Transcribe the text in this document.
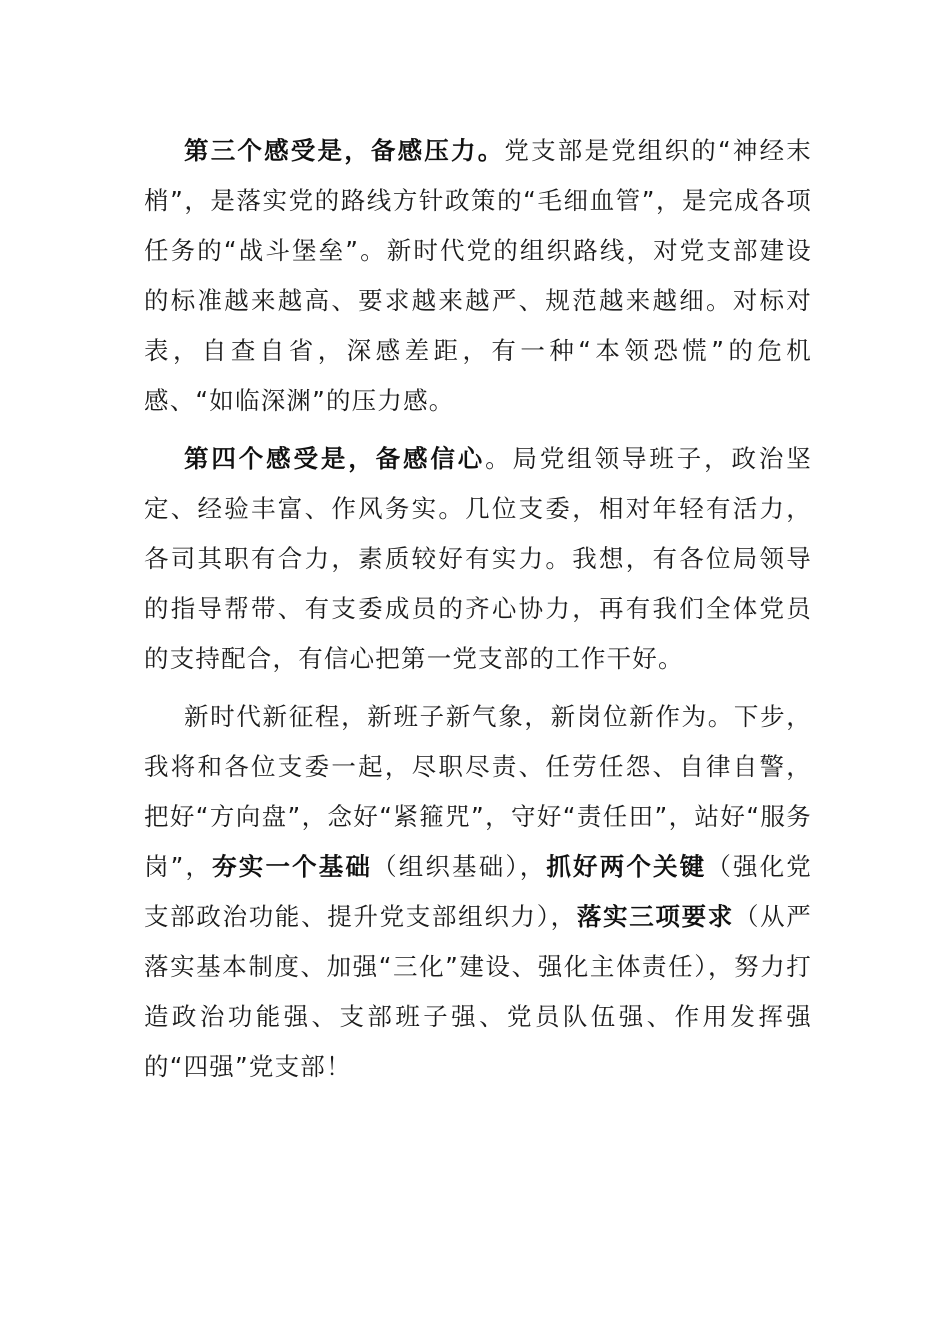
第三个感受是，备感压力。党支部是党组织的“神经末梢”，是落实党的路线方针政策的“毛细血管”，是完成各项任务的“战斗堡垒”。新时代党的组织路线，对党支部建设的标准越来越高、要求越来越严、规范越来越细。对标对表，自查自省，深感差距，有一种“本领恐慌”的危机感、“如临深渊”的压力感。

第四个感受是，备感信心。局党组领导班子，政治坚定、经验丰富、作风务实。几位支委，相对年轻有活力，各司其职有合力，素质较好有实力。我想，有各位局领导的指导帮带、有支委成员的齐心协力，再有我们全体党员的支持配合，有信心把第一党支部的工作干好。

新时代新征程，新班子新气象，新岗位新作为。下步，我将和各位支委一起，尽职尽责、任劳任怨、自律自警，把好“方向盘”，念好“紧箍咒”，守好“责任田”，站好“服务岗”，夯实一个基础（组织基础），抓好两个关键（强化党支部政治功能、提升党支部组织力），落实三项要求（从严落实基本制度、加强“三化”建设、强化主体责任），努力打造政治功能强、支部班子强、党员队伍强、作用发挥强的“四强”党支部！
